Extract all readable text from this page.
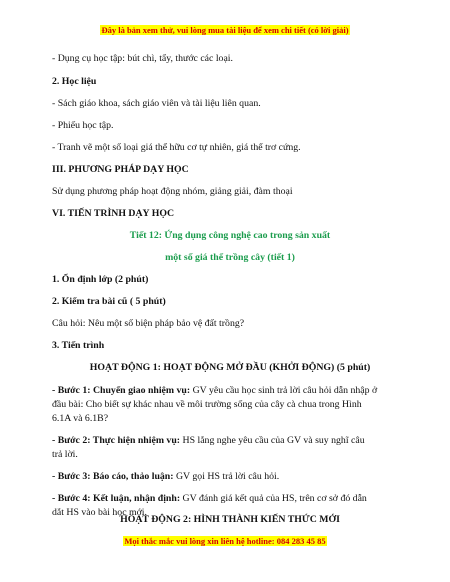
Đây là bản xem thử, vui lòng mua tài liệu để xem chi tiết (có lời giải)

- Dụng cụ học tập: bút chì, tẩy, thước các loại.

2. Học liệu

- Sách giáo khoa, sách giáo viên và tài liệu liên quan.

- Phiếu học tập.

- Tranh vẽ một số loại giá thể hữu cơ tự nhiên, giá thể trơ cứng.

III. PHƯƠNG PHÁP DẠY HỌC

Sử dụng phương pháp hoạt động nhóm, giảng giải, đàm thoại

VI. TIẾN TRÌNH DẠY HỌC

Tiết 12: Ứng dụng công nghệ cao trong sản xuất

một số giá thể trồng cây (tiết 1)

1. Ổn định lớp (2 phút)

2. Kiểm tra bài cũ ( 5 phút)

Câu hỏi: Nêu một số biện pháp bảo vệ đất trồng?

3. Tiến trình

HOẠT ĐỘNG 1: HOẠT ĐỘNG MỞ ĐẦU (KHỞI ĐỘNG) (5 phút)

- Bước 1: Chuyển giao nhiệm vụ: GV yêu cầu học sinh trả lời câu hỏi dẫn nhập ở

đầu bài: Cho biết sự khác nhau về môi trường sống của cây cà chua trong Hình

6.1A và 6.1B?

- Bước 2: Thực hiện nhiệm vụ: HS lắng nghe yêu cầu của GV và suy nghĩ câu

trả lời.

- Bước 3: Báo cáo, thảo luận: GV gọi HS trả lời câu hỏi.

- Bước 4: Kết luận, nhận định: GV đánh giá kết quả của HS, trên cơ sở đó dẫn

dắt HS vào bài học mới.

Mọi thắc mắc vui lòng xin liên hệ hotline: 084 283 45 85

HOẠT ĐỘNG 2: HÌNH THÀNH KIẾN THỨC MỚI
